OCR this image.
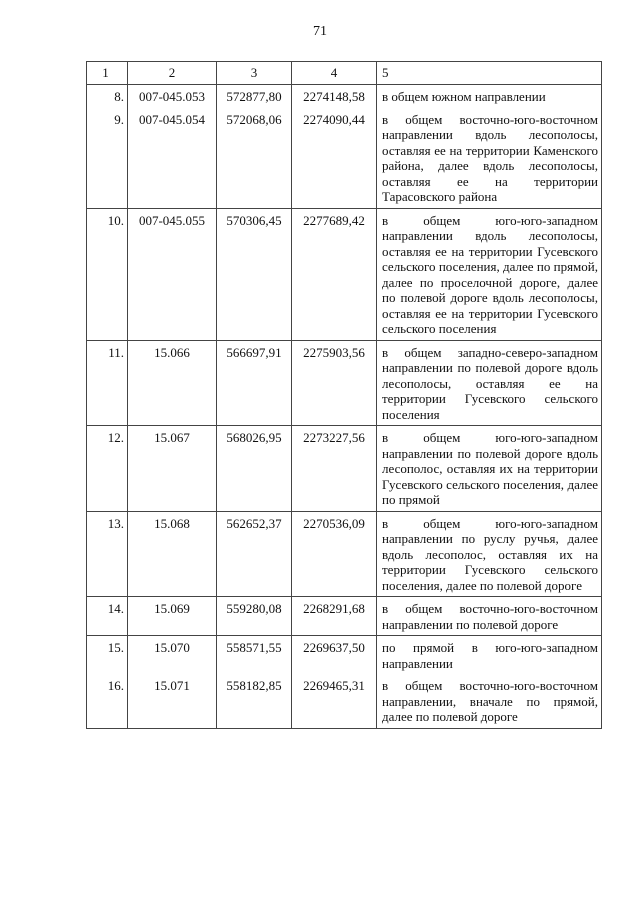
71
1	2	3	4	5
8.	007-045.053	572877,80	2274148,58	в общем южном направлении
9.	007-045.054	572068,06	2274090,44	в общем восточно-юго-восточном направлении вдоль лесополосы, оставляя ее на территории Каменского района, далее вдоль лесополосы, оставляя ее на территории Тарасовского района
10.	007-045.055	570306,45	2277689,42	в общем юго-юго-западном направлении вдоль лесополосы, оставляя ее на территории Гусевского сельского поселения, далее по прямой, далее по проселочной дороге, далее по полевой дороге вдоль лесополосы, оставляя ее на территории Гусевского сельского поселения
11.	15.066	566697,91	2275903,56	в общем западно-северо-западном направлении по полевой дороге вдоль лесополосы, оставляя ее на территории Гусевского сельского поселения
12.	15.067	568026,95	2273227,56	в общем юго-юго-западном направлении по полевой дороге вдоль лесополос, оставляя их на территории Гусевского сельского поселения, далее по прямой
13.	15.068	562652,37	2270536,09	в общем юго-юго-западном направлении по руслу ручья, далее вдоль лесополос, оставляя их на территории Гусевского сельского поселения, далее по полевой дороге
14.	15.069	559280,08	2268291,68	в общем восточно-юго-восточном направлении по полевой дороге
15.	15.070	558571,55	2269637,50	по прямой в юго-юго-западном направлении
16.	15.071	558182,85	2269465,31	в общем восточно-юго-восточном направлении, вначале по прямой, далее по полевой дороге
